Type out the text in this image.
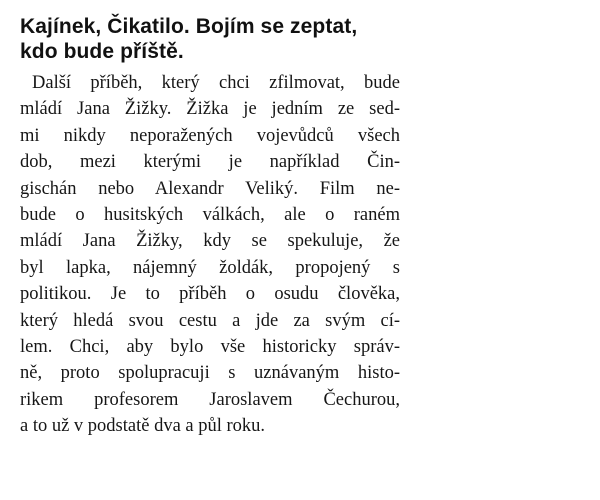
Kajínek, Čikatilo. Bojím se zeptat,
kdo bude příště.

Další příběh, který chci zfilmovat, bude
mládí Jana Žižky. Žižka je jedním ze sed-
mi nikdy neporažených vojevůdců všech
dob, mezi kterými je například Čin-
gischán nebo Alexandr Veliký. Film ne-
bude o husitských válkách, ale o raném
mládí Jana Žižky, kdy se spekuluje, že
byl lapka, nájemný žoldák, propojený s
politikou. Je to příběh o osudu člověka,
který hledá svou cestu a jde za svým cí-
lem. Chci, aby bylo vše historicky správ-
ně, proto spolupracuji s uznávaným histo-
rikem profesorem Jaroslavem Čechurou,
a to už v podstatě dva a půl roku.
